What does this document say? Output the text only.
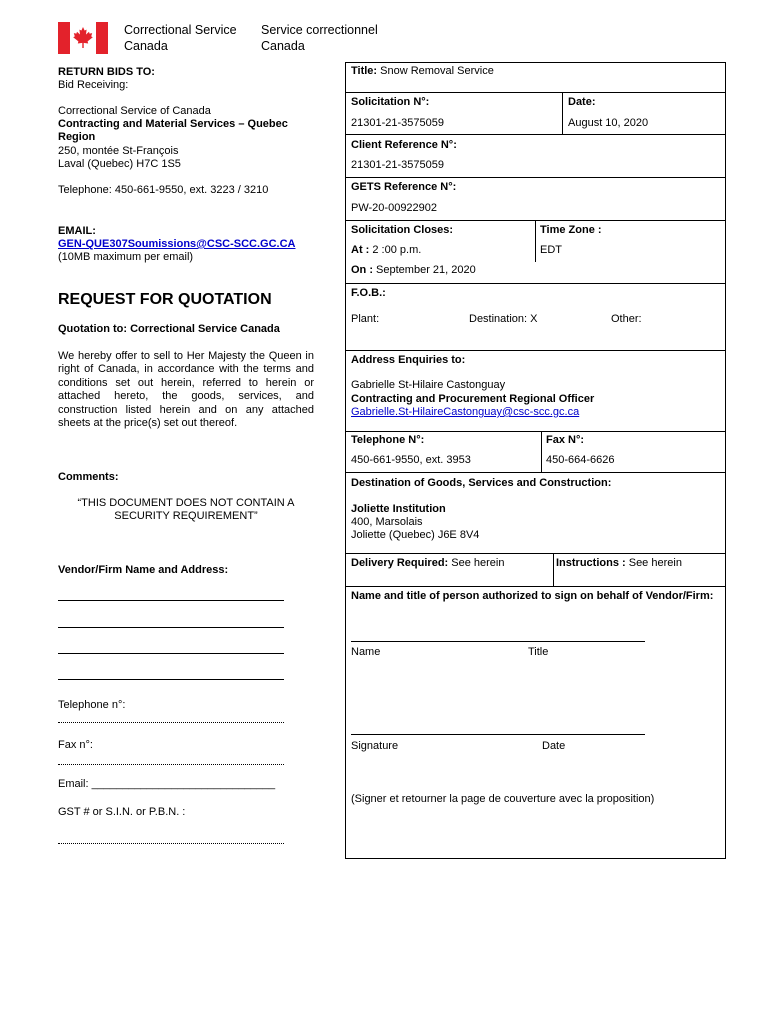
Correctional Service
Canada
Service correctionnel
Canada
RETURN BIDS TO:
Bid Receiving:
Correctional Service of Canada
Contracting and Material Services – Quebec
Region
250, montée St-François
Laval (Quebec) H7C 1S5
Telephone: 450-661-9550, ext. 3223 / 3210
EMAIL:
GEN-QUE307Soumissions@CSC-SCC.GC.CA
(10MB maximum per email)
REQUEST FOR QUOTATION
Quotation to: Correctional Service Canada
We hereby offer to sell to Her Majesty the Queen in right of Canada, in accordance with the terms and conditions set out herein, referred to herein or attached hereto, the goods, services, and construction listed herein and on any attached sheets at the price(s) set out thereof.
Comments:
“THIS DOCUMENT DOES NOT CONTAIN A
SECURITY REQUIREMENT”
Vendor/Firm Name and Address:
Telephone n°:
Fax n°:
Email: ______________________________
GST # or S.I.N. or P.B.N. :
Title: Snow Removal Service
Solicitation N°:
21301-21-3575059
Date:
August 10, 2020
Client Reference N°:
21301-21-3575059
GETS Reference N°:
PW-20-00922902
Solicitation Closes:	Time Zone :
At : 2 :00 p.m.	EDT
On : September 21, 2020
F.O.B.:
Plant:	Destination: X	Other:
Address Enquiries to:
Gabrielle St-Hilaire Castonguay
Contracting and Procurement Regional Officer
Gabrielle.St-HilaireCastonguay@csc-scc.gc.ca
Telephone N°:	Fax N°:
450-661-9550, ext. 3953	450-664-6626
Destination of Goods, Services and Construction:
Joliette Institution
400, Marsolais
Joliette (Quebec) J6E 8V4
Delivery Required: See herein	Instructions : See herein
Name and title of person authorized to sign on behalf of Vendor/Firm:
Name	Title
Signature	Date
(Signer et retourner la page de couverture avec la proposition)
